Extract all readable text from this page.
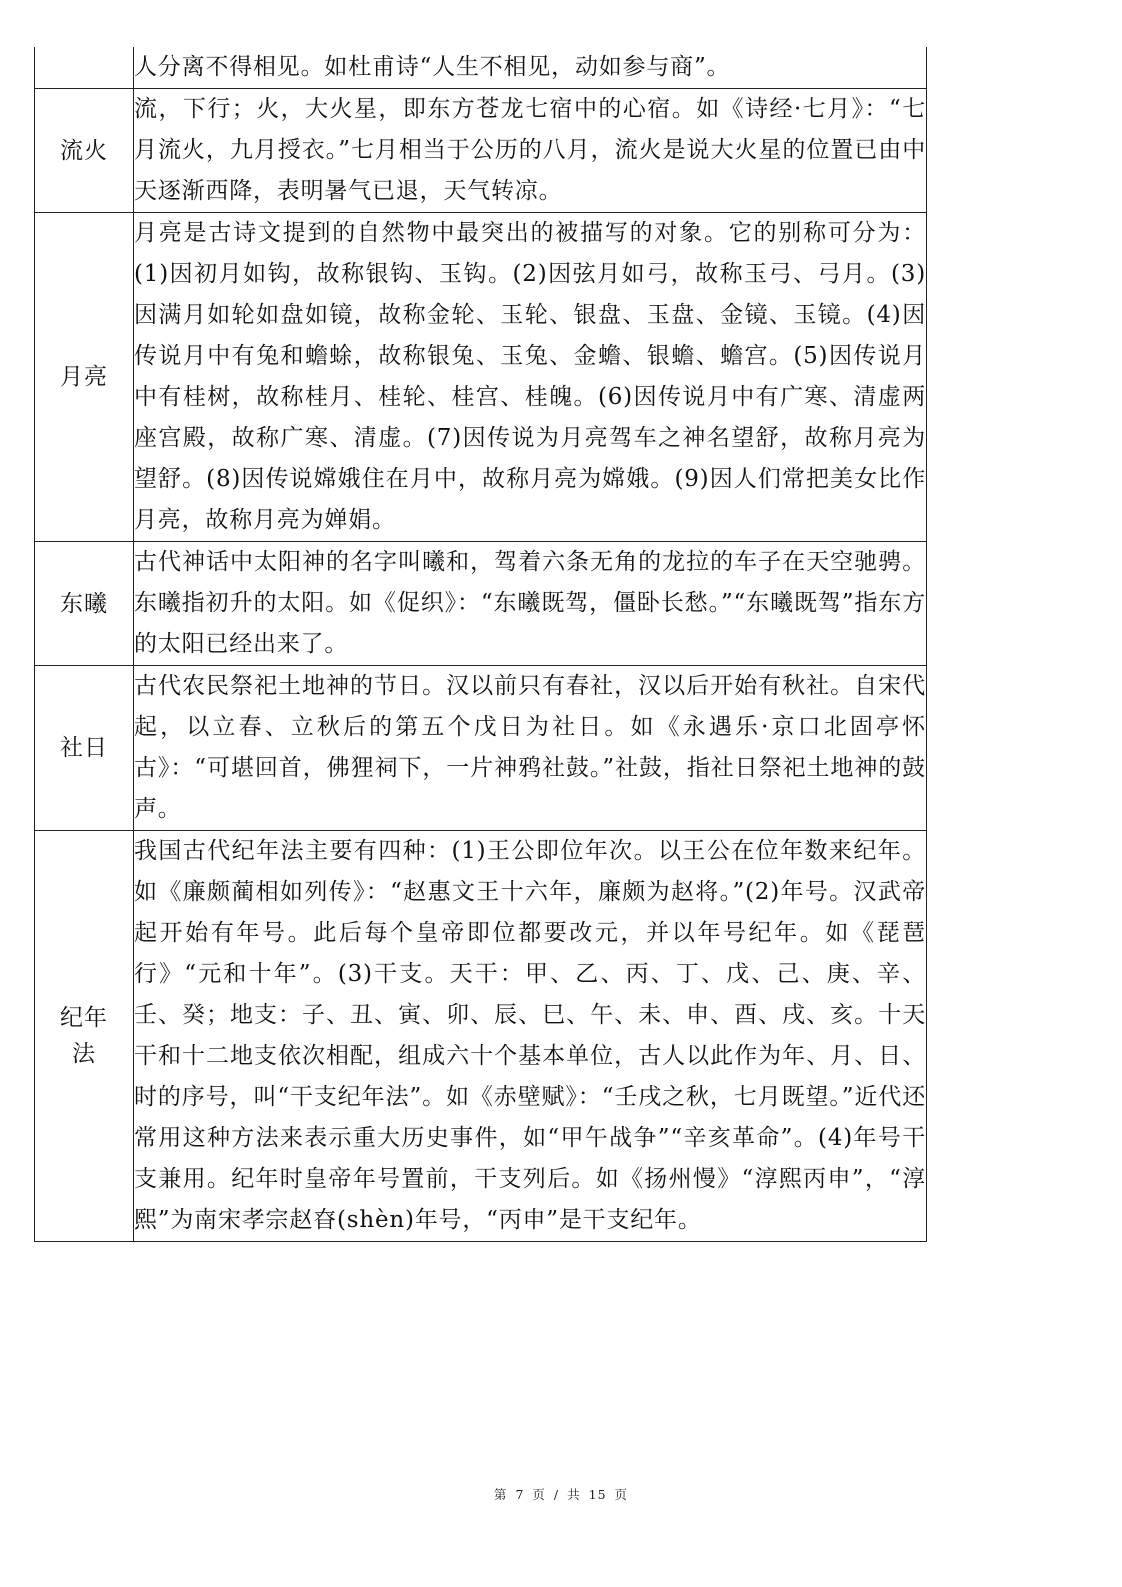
	人分离不得相见。如杜甫诗“人生不相见，动如参与商”。
流火	流，下行；火，大火星，即东方苍龙七宿中的心宿。如《诗经·七月》：“七月流火，九月授衣。”七月相当于公历的八月，流火是说大火星的位置已由中天逐渐西降，表明暑气已退，天气转凉。
月亮	月亮是古诗文提到的自然物中最突出的被描写的对象。它的别称可分为：(1)因初月如钩，故称银钩、玉钩。(2)因弦月如弓，故称玉弓、弓月。(3)因满月如轮如盘如镜，故称金轮、玉轮、银盘、玉盘、金镜、玉镜。(4)因传说月中有兔和蟾蜍，故称银兔、玉兔、金蟾、银蟾、蟾宫。(5)因传说月中有桂树，故称桂月、桂轮、桂宫、桂魄。(6)因传说月中有广寒、清虚两座宫殿，故称广寒、清虚。(7)因传说为月亮驾车之神名望舒，故称月亮为望舒。(8)因传说嫦娥住在月中，故称月亮为嫦娥。(9)因人们常把美女比作月亮，故称月亮为婵娟。
东曦	古代神话中太阳神的名字叫曦和，驾着六条无角的龙拉的车子在天空驰骋。东曦指初升的太阳。如《促织》：“东曦既驾，僵卧长愁。”“东曦既驾”指东方的太阳已经出来了。
社日	古代农民祭祀土地神的节日。汉以前只有春社，汉以后开始有秋社。自宋代起，以立春、立秋后的第五个戊日为社日。如《永遇乐·京口北固亭怀古》：“可堪回首，佛狸祠下，一片神鸦社鼓。”社鼓，指社日祭祀土地神的鼓声。
纪年法	我国古代纪年法主要有四种：(1)王公即位年次。以王公在位年数来纪年。如《廉颇蔺相如列传》：“赵惠文王十六年，廉颇为赵将。”(2)年号。汉武帝起开始有年号。此后每个皇帝即位都要改元，并以年号纪年。如《琵琶行》“元和十年”。(3)干支。天干：甲、乙、丙、丁、戊、己、庚、辛、壬、癸；地支：子、丑、寅、卯、辰、巳、午、未、申、酉、戌、亥。十天干和十二地支依次相配，组成六十个基本单位，古人以此作为年、月、日、时的序号，叫“干支纪年法”。如《赤壁赋》：“壬戌之秋，七月既望。”近代还常用这种方法来表示重大历史事件，如“甲午战争”“辛亥革命”。(4)年号干支兼用。纪年时皇帝年号置前，干支列后。如《扬州慢》“淳熙丙申”，“淳熙”为南宋孝宗赵昚(shèn)年号，“丙申”是干支纪年。
第 7 页 / 共 15 页
